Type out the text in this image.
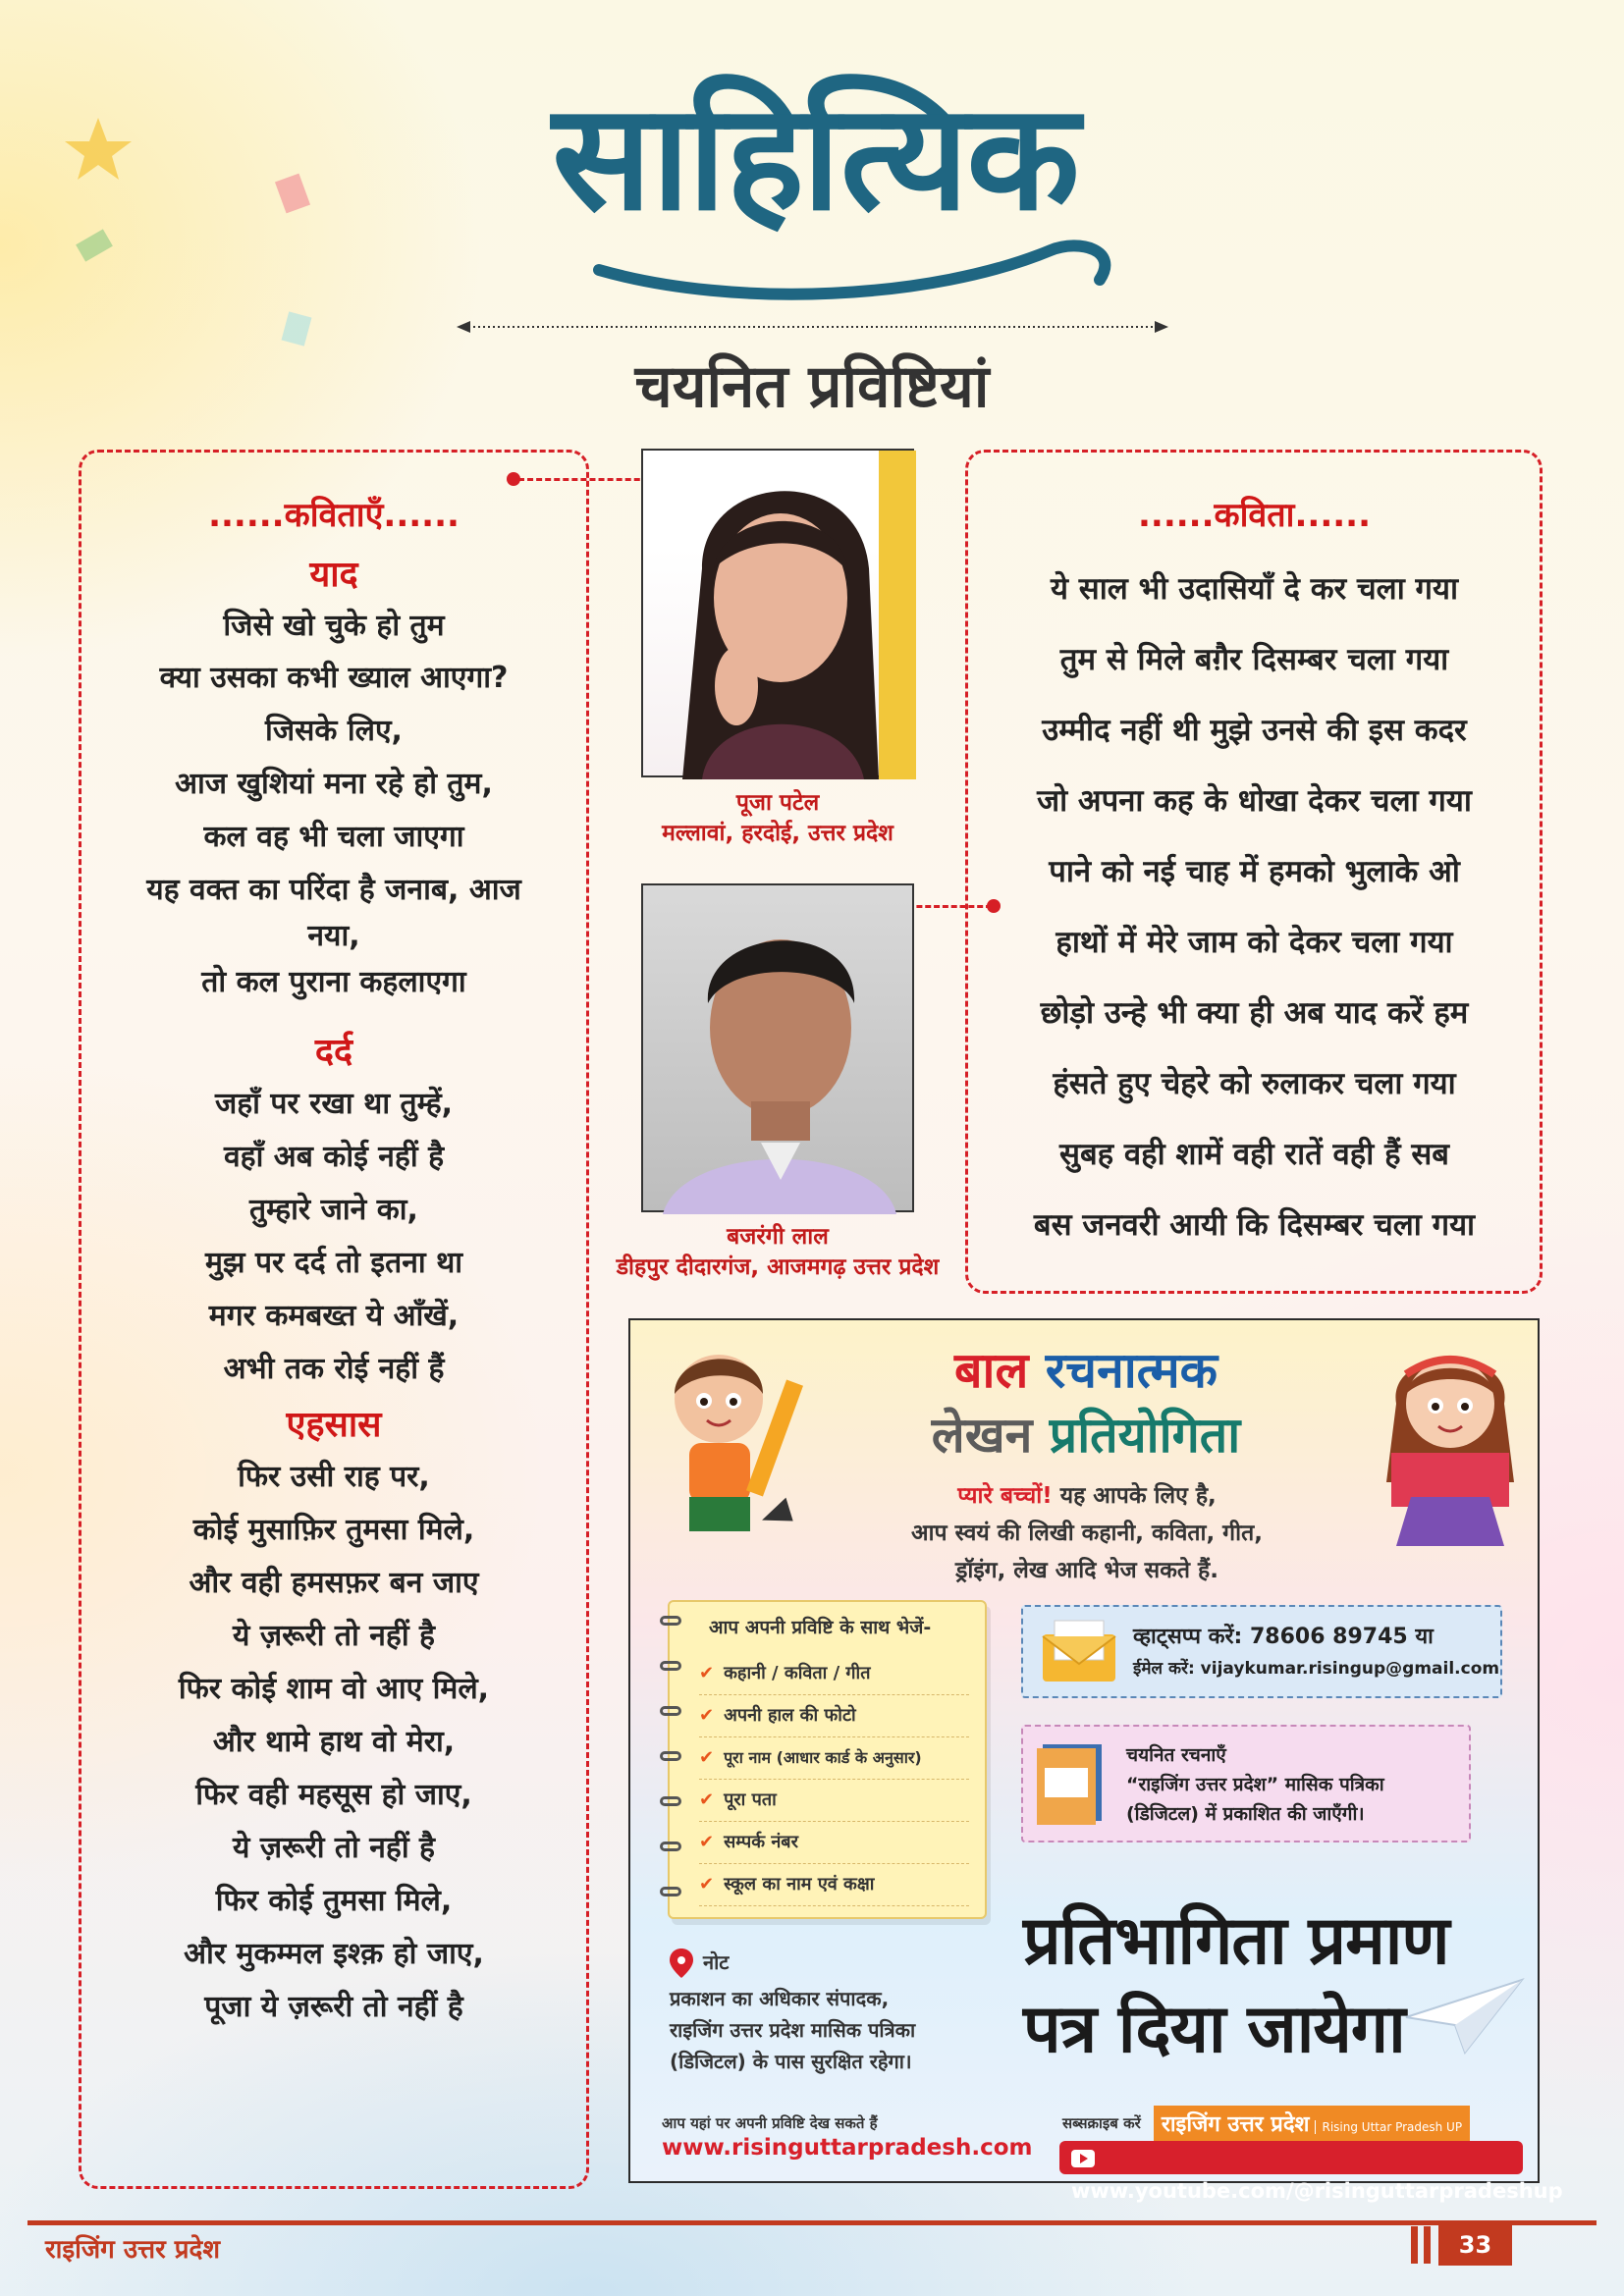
साहित्यिक
चयनित प्रविष्टियां
......कविताएँ......
याद
जिसे खो चुके हो तुम
क्या उसका कभी ख्याल आएगा?
जिसके लिए,
आज खुशियां मना रहे हो तुम,
कल वह भी चला जाएगा
यह वक्त का परिंदा है जनाब, आज
नया,
तो कल पुराना कहलाएगा
दर्द
जहाँ पर रखा था तुम्हें,
वहाँ अब कोई नहीं है
तुम्हारे जाने का,
मुझ पर दर्द तो इतना था
मगर कमबख्त ये आँखें,
अभी तक रोई नहीं हैं
एहसास
फिर उसी राह पर,
कोई मुसाफ़िर तुमसा मिले,
और वही हमसफ़र बन जाए
ये ज़रूरी तो नहीं है
फिर कोई शाम वो आए मिले,
और थामे हाथ वो मेरा,
फिर वही महसूस हो जाए,
ये ज़रूरी तो नहीं है
फिर कोई तुमसा मिले,
और मुकम्मल इश्क़ हो जाए,
पूजा ये ज़रूरी तो नहीं है
पूजा पटेल
मल्लावां, हरदोई, उत्तर प्रदेश
बजरंगी लाल
डीहपुर दीदारगंज, आजमगढ़ उत्तर प्रदेश
......कविता......
ये साल भी उदासियाँ दे कर चला गया
तुम से मिले बग़ैर दिसम्बर चला गया
उम्मीद नहीं थी मुझे उनसे की इस कदर
जो अपना कह के धोखा देकर चला गया
पाने को नई चाह में हमको भुलाके ओ
हाथों में मेरे जाम को देकर चला गया
छोड़ो उन्हे भी क्या ही अब याद करें हम
हंसते हुए चेहरे को रुलाकर चला गया
सुबह वही शामें वही रातें वही हैं सब
बस जनवरी आयी कि दिसम्बर चला गया
बाल रचनात्मक
लेखन प्रतियोगिता
प्यारे बच्चों! यह आपके लिए है,
आप स्वयं की लिखी कहानी, कविता, गीत,
ड्रॉइंग, लेख आदि भेज सकते हैं.
आप अपनी प्रविष्टि के साथ भेजें-
✔ कहानी / कविता / गीत
✔ अपनी हाल की फोटो
✔ पूरा नाम (आधार कार्ड के अनुसार)
✔ पूरा पता
✔ सम्पर्क नंबर
✔ स्कूल का नाम एवं कक्षा
व्हाट्सप्प करें: 78606 89745 या
ईमेल करें: vijaykumar.risingup@gmail.com
चयनित रचनाएँ
“राइजिंग उत्तर प्रदेश” मासिक पत्रिका
(डिजिटल) में प्रकाशित की जाएँगी।
प्रतिभागिता प्रमाण
पत्र दिया जायेगा
नोट
प्रकाशन का अधिकार संपादक,
राइजिंग उत्तर प्रदेश मासिक पत्रिका
(डिजिटल) के पास सुरक्षित रहेगा।
आप यहां पर अपनी प्रविष्टि देख सकते हैं
www.risinguttarpradesh.com
सब्सक्राइब करें राइजिंग उत्तर प्रदेश Rising Uttar Pradesh UP
www.youtube.com/@risinguttarpradeshup
राइजिंग उत्तर प्रदेश	33
